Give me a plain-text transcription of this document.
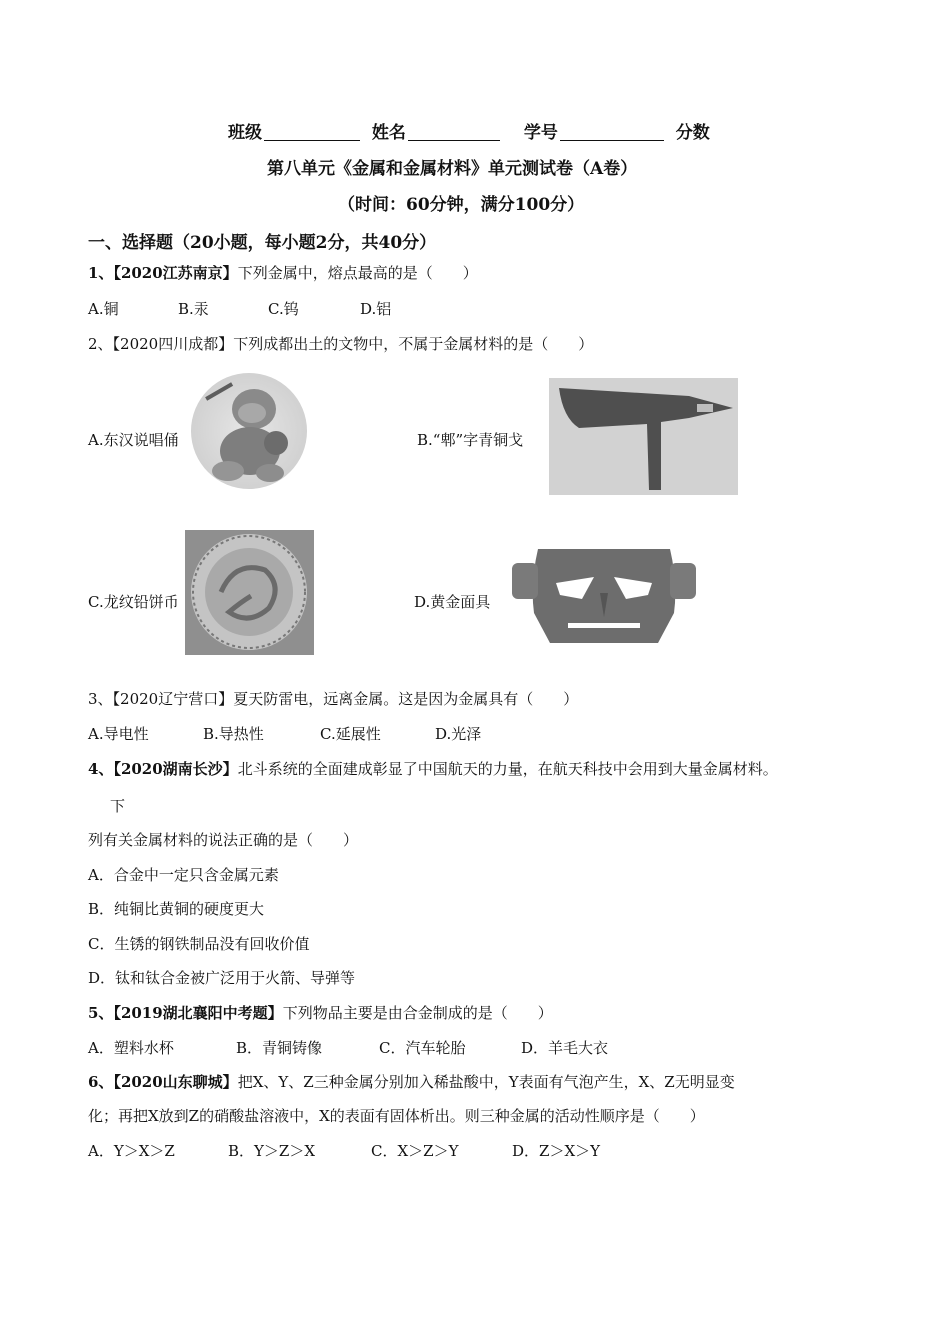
班级	姓名	学号	分数
第八单元《金属和金属材料》单元测试卷（A卷）
（时间：60分钟，满分100分）
一、选择题（20小题，每小题2分，共40分）
1、【2020江苏南京】下列金属中，熔点最高的是（　　）
A.铜	B.汞	C.钨	D.铝
2、【2020四川成都】下列成都出土的文物中，不属于金属材料的是（　　）
A.东汉说唱俑	B.“郫”字青铜戈
C.龙纹铅饼币	D.黄金面具
3、【2020辽宁营口】夏天防雷电，远离金属。这是因为金属具有（　　）
A.导电性	B.导热性	C.延展性	D.光泽
4、【2020湖南长沙】北斗系统的全面建成彰显了中国航天的力量，在航天科技中会用到大量金属材料。
下
列有关金属材料的说法正确的是（　　）
A．合金中一定只含金属元素
B．纯铜比黄铜的硬度更大
C．生锈的钢铁制品没有回收价值
D．钛和钛合金被广泛用于火箭、导弹等
5、【2019湖北襄阳中考题】下列物品主要是由合金制成的是（　　）
A．塑料水杯	B．青铜铸像	C．汽车轮胎	D．羊毛大衣
6、【2020山东聊城】把X、Y、Z三种金属分别加入稀盐酸中，Y表面有气泡产生，X、Z无明显变
化；再把X放到Z的硝酸盐溶液中，X的表面有固体析出。则三种金属的活动性顺序是（　　）
A．Y＞X＞Z	B．Y＞Z＞X	C．X＞Z＞Y	D．Z＞X＞Y
